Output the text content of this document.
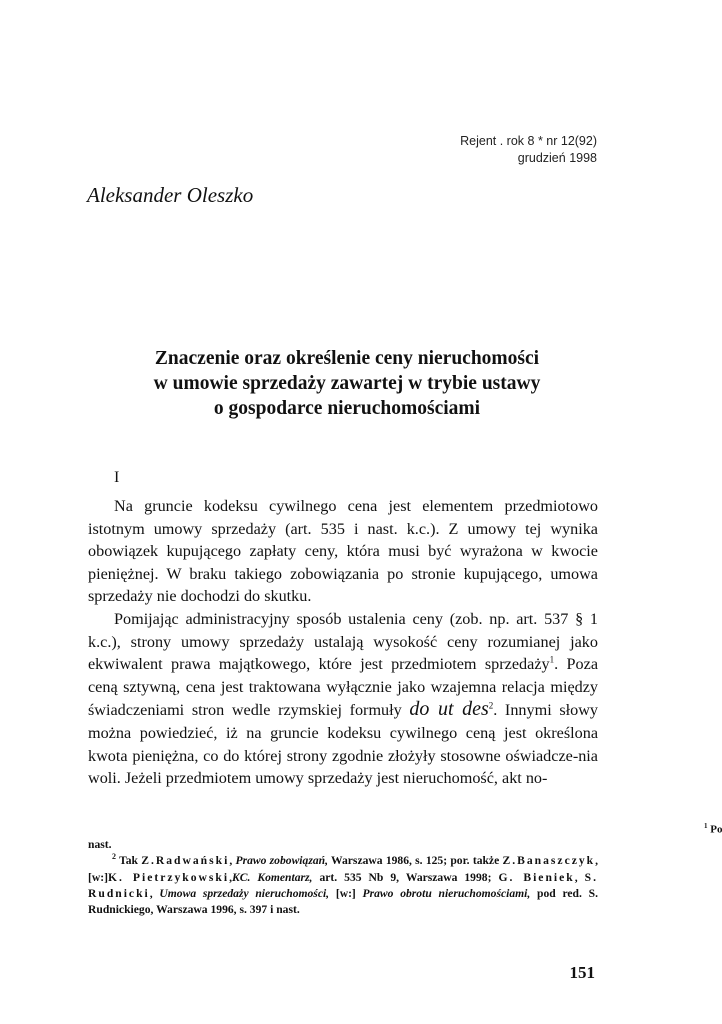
Rejent . rok 8 * nr 12(92)
grudzień 1998
Aleksander Oleszko
Znaczenie oraz określenie ceny nieruchomości
w umowie sprzedaży zawartej w trybie ustawy
o gospodarce nieruchomościami
I

Na gruncie kodeksu cywilnego cena jest elementem przedmiotowo istotnym umowy sprzedaży (art. 535 i nast. k.c.). Z umowy tej wynika obowiązek kupującego zapłaty ceny, która musi być wyrażona w kwocie pieniężnej. W braku takiego zobowiązania po stronie kupującego, umowa sprzedaży nie dochodzi do skutku.

Pomijając administracyjny sposób ustalenia ceny (zob. np. art. 537 § 1 k.c.), strony umowy sprzedaży ustalają wysokość ceny rozumianej jako ekwiwalent prawa majątkowego, które jest przedmiotem sprzedaży$^1$. Poza ceną sztywną, cena jest traktowana wyłącznie jako wzajemna relacja między świadczeniami stron wedle rzymskiej formuły do ut des$^2$. Innymi słowy można powiedzieć, iż na gruncie kodeksu cywilnego ceną jest określona kwota pieniężna, co do której strony zgodnie złożyły stosowne oświadcze-nia woli. Jeżeli przedmiotem umowy sprzedaży jest nieruchomość, akt no-

$^1$ Po

nast.

$^2$ Tak Z.Radwański, Prawo zobowiązań, Warszawa 1986, s. 125; por. także Z.Banaszczyk,[w:]K. Pietrzykowski,KC. Komentarz, art. 535 Nb 9, Warszawa 1998; G. Bieniek, S. Rudnicki, Umowa sprzedaży nieruchomości, [w:] Prawo obrotu nieruchomościami, pod red. S. Rudnickiego, Warszawa 1996, s. 397 i nast.

151
